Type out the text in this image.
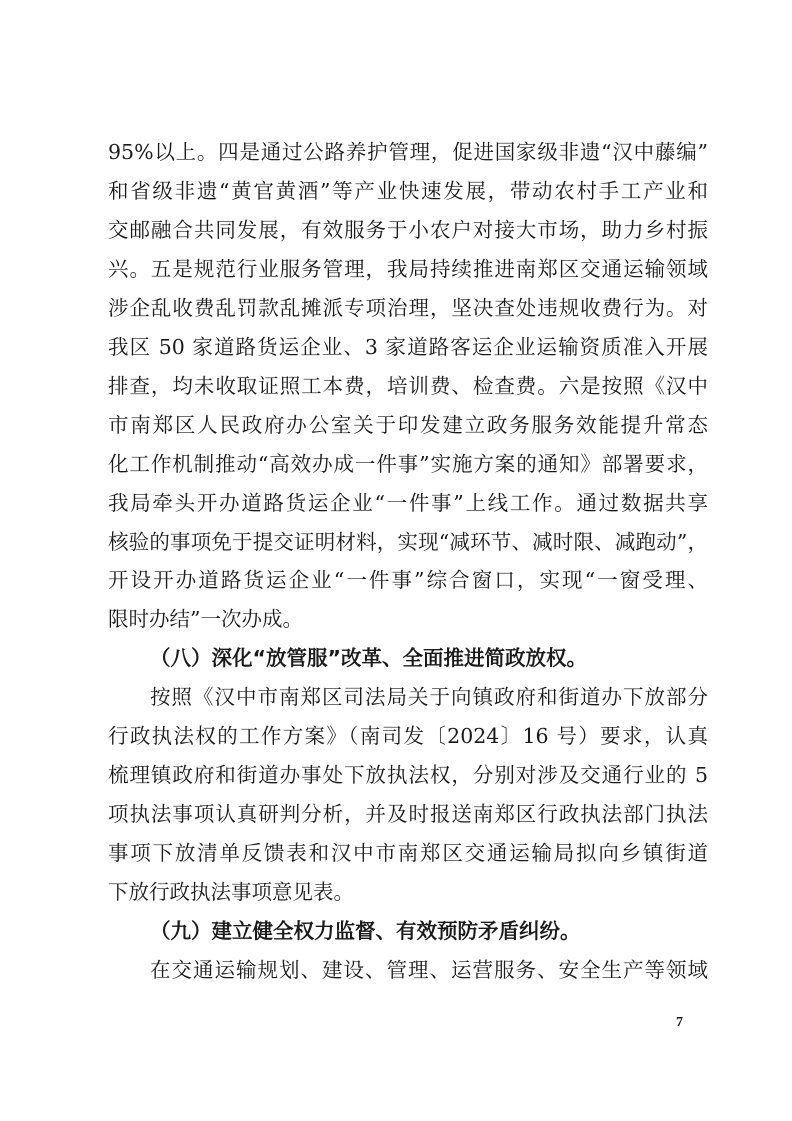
95%以上。四是通过公路养护管理，促进国家级非遗“汉中藤编”
和省级非遗“黄官黄酒”等产业快速发展，带动农村手工产业和
交邮融合共同发展，有效服务于小农户对接大市场，助力乡村振
兴。五是规范行业服务管理，我局持续推进南郑区交通运输领域
涉企乱收费乱罚款乱摊派专项治理，坚决查处违规收费行为。对
我区 50 家道路货运企业、3 家道路客运企业运输资质准入开展
排查，均未收取证照工本费，培训费、检查费。六是按照《汉中
市南郑区人民政府办公室关于印发建立政务服务效能提升常态
化工作机制推动“高效办成一件事”实施方案的通知》部署要求，
我局牵头开办道路货运企业“一件事”上线工作。通过数据共享
核验的事项免于提交证明材料，实现“减环节、减时限、减跑动”，
开设开办道路货运企业“一件事”综合窗口，实现“一窗受理、
限时办结”一次办成。
（八）深化“放管服”改革、全面推进简政放权。
按照《汉中市南郑区司法局关于向镇政府和街道办下放部分
行政执法权的工作方案》（南司发〔2024〕16 号）要求，认真
梳理镇政府和街道办事处下放执法权，分别对涉及交通行业的 5
项执法事项认真研判分析，并及时报送南郑区行政执法部门执法
事项下放清单反馈表和汉中市南郑区交通运输局拟向乡镇街道
下放行政执法事项意见表。
（九）建立健全权力监督、有效预防矛盾纠纷。
在交通运输规划、建设、管理、运营服务、安全生产等领域
7
